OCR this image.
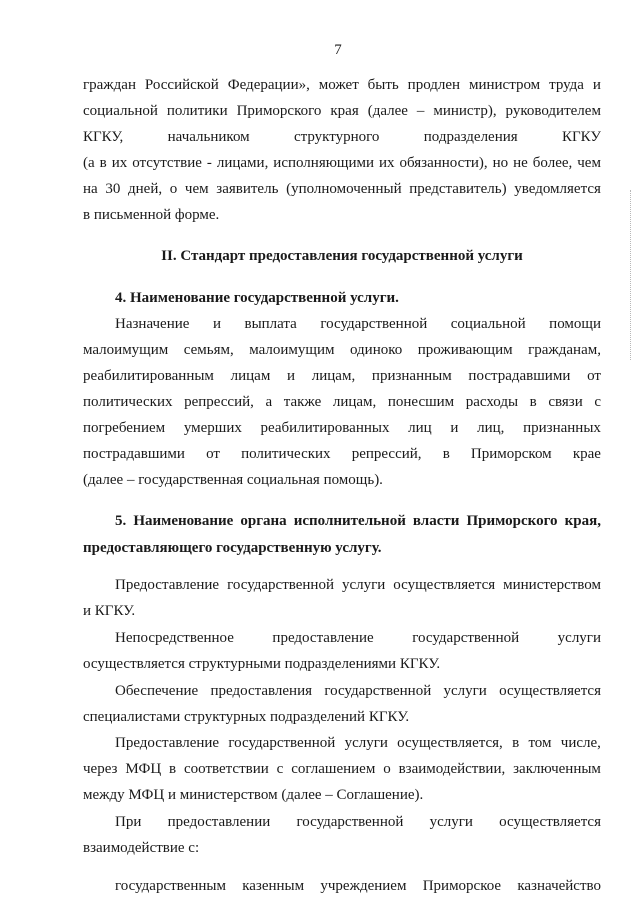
7
граждан Российской Федерации», может быть продлен министром труда и
социальной политики Приморского края (далее – министр), руководителем
КГКУ,	начальником	структурного	подразделения	КГКУ
(а в их отсутствие - лицами, исполняющими их обязанности), но не более, чем
на 30 дней, о чем заявитель (уполномоченный представитель) уведомляется
в письменной форме.
II. Стандарт предоставления государственной услуги
4. Наименование государственной услуги.
Назначение и выплата государственной социальной помощи
малоимущим семьям, малоимущим одиноко проживающим гражданам,
реабилитированным лицам и лицам, признанным пострадавшими от
политических репрессий, а также лицам, понесшим расходы в связи с
погребением умерших реабилитированных лиц и лиц, признанных
пострадавшими от политических репрессий, в Приморском крае
(далее – государственная социальная помощь).
5. Наименование органа исполнительной власти Приморского края,
предоставляющего государственную услугу.
Предоставление государственной услуги осуществляется министерством
и КГКУ.
Непосредственное	предоставление	государственной	услуги
осуществляется структурными подразделениями КГКУ.
Обеспечение предоставления государственной услуги осуществляется
специалистами структурных подразделений КГКУ.
Предоставление государственной услуги осуществляется, в том числе,
через МФЦ в соответствии с соглашением о взаимодействии, заключенным
между МФЦ и министерством (далее – Соглашение).
При предоставлении государственной услуги осуществляется
взаимодействие с:
государственным казенным учреждением Приморское казначейство
